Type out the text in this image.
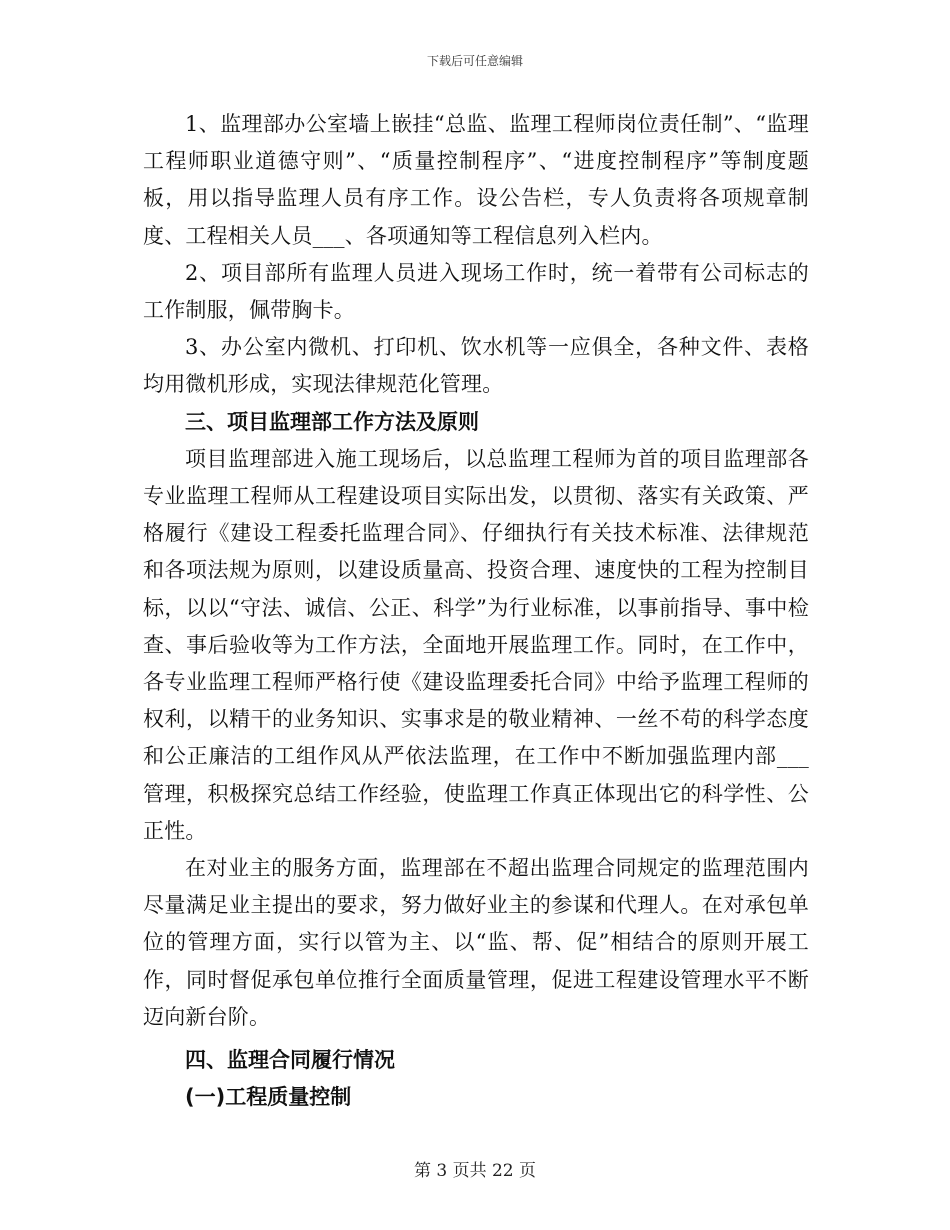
下载后可任意编辑

1、监理部办公室墙上嵌挂“总监、监理工程师岗位责任制”、“监理工程师职业道德守则”、“质量控制程序”、“进度控制程序”等制度题板，用以指导监理人员有序工作。设公告栏，专人负责将各项规章制度、工程相关人员___、各项通知等工程信息列入栏内。

2、项目部所有监理人员进入现场工作时，统一着带有公司标志的工作制服，佩带胸卡。

3、办公室内微机、打印机、饮水机等一应俱全，各种文件、表格均用微机形成，实现法律规范化管理。

三、项目监理部工作方法及原则

项目监理部进入施工现场后，以总监理工程师为首的项目监理部各专业监理工程师从工程建设项目实际出发，以贯彻、落实有关政策、严格履行《建设工程委托监理合同》、仔细执行有关技术标准、法律规范和各项法规为原则，以建设质量高、投资合理、速度快的工程为控制目标，以以“守法、诚信、公正、科学”为行业标准，以事前指导、事中检查、事后验收等为工作方法，全面地开展监理工作。同时，在工作中，各专业监理工程师严格行使《建设监理委托合同》中给予监理工程师的权利，以精干的业务知识、实事求是的敬业精神、一丝不苟的科学态度和公正廉洁的工组作风从严依法监理，在工作中不断加强监理内部___管理，积极探究总结工作经验，使监理工作真正体现出它的科学性、公正性。

在对业主的服务方面，监理部在不超出监理合同规定的监理范围内尽量满足业主提出的要求，努力做好业主的参谋和代理人。在对承包单位的管理方面，实行以管为主、以“监、帮、促”相结合的原则开展工作，同时督促承包单位推行全面质量管理，促进工程建设管理水平不断迈向新台阶。

四、监理合同履行情况

(一)工程质量控制

第 3 页共 22 页
